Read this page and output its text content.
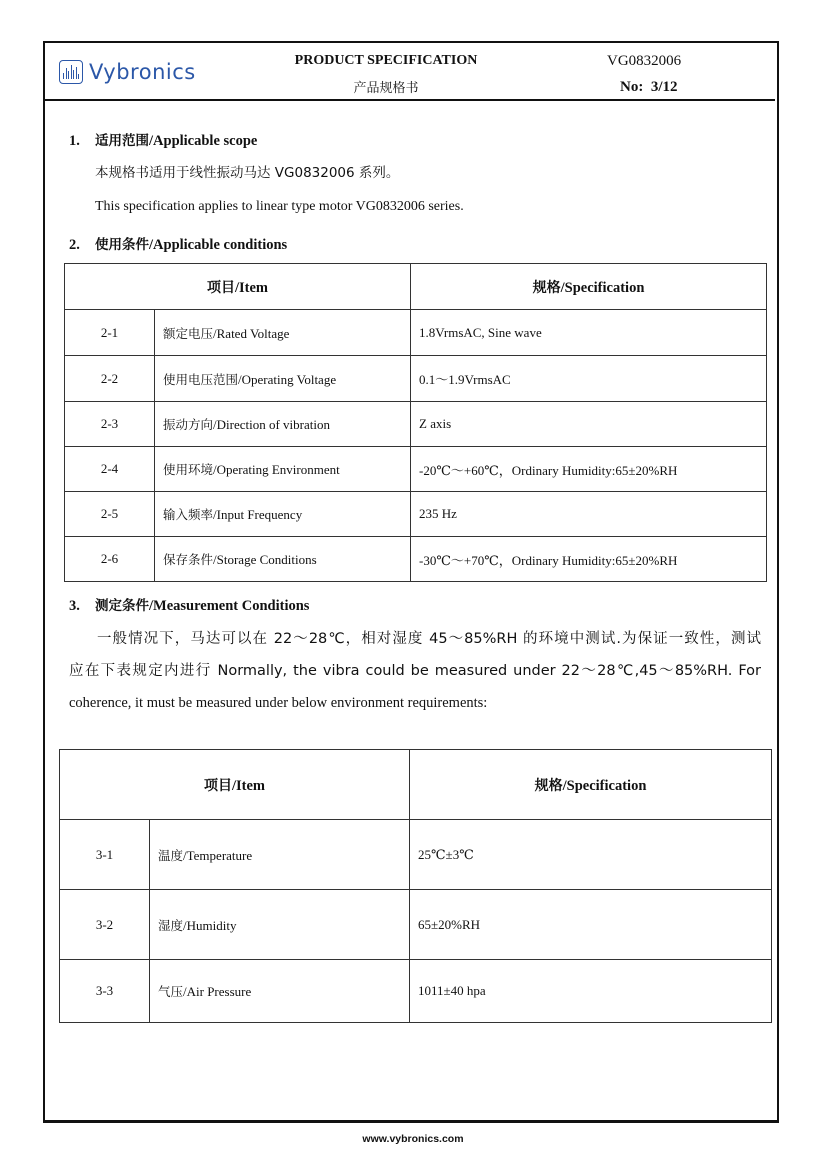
Vybronics	PRODUCT SPECIFICATION
产品规格书
VG0832006
No: 3/12
1. 适用范围/Applicable scope
本规格书适用于线性振动马达 VG0832006 系列。
This specification applies to linear type motor VG0832006 series.
2. 使用条件/Applicable conditions
项目/Item		规格/Specification
2-1	额定电压/Rated Voltage	1.8VrmsAC, Sine wave
2-2	使用电压范围/Operating Voltage	0.1～1.9VrmsAC
2-3	振动方向/Direction of vibration	Z axis
2-4	使用环境/Operating Environment	-20℃～+60℃，Ordinary Humidity:65±20%RH
2-5	输入频率/Input Frequency	235 Hz
2-6	保存条件/Storage Conditions	-30℃～+70℃，Ordinary Humidity:65±20%RH
3. 测定条件/Measurement Conditions
一般情况下，马达可以在 22～28℃，相对湿度 45～85%RH 的环境中测试.为保证一致性，测试
应在下表规定内进行 Normally, the vibra could be measured under 22～28℃,45～85%RH. For
coherence, it must be measured under below environment requirements:
项目/Item		规格/Specification
3-1	温度/Temperature	25℃±3℃
3-2	湿度/Humidity	65±20%RH
3-3	气压/Air Pressure	1011±40 hpa
www.vybronics.com
